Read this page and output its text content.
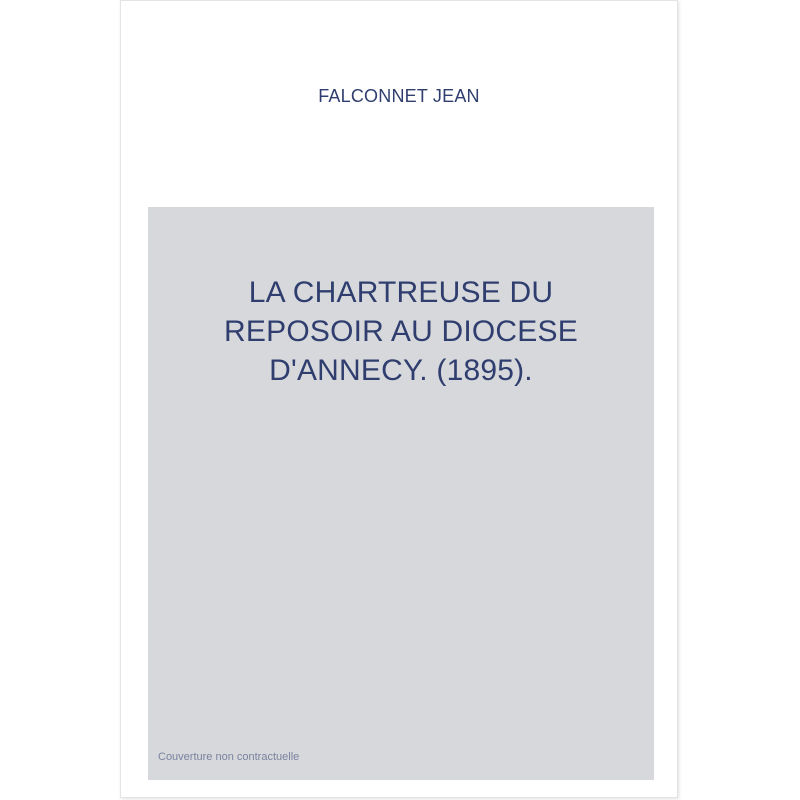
FALCONNET JEAN
LA CHARTREUSE DU
REPOSOIR AU DIOCESE
D'ANNECY. (1895).
Couverture non contractuelle
